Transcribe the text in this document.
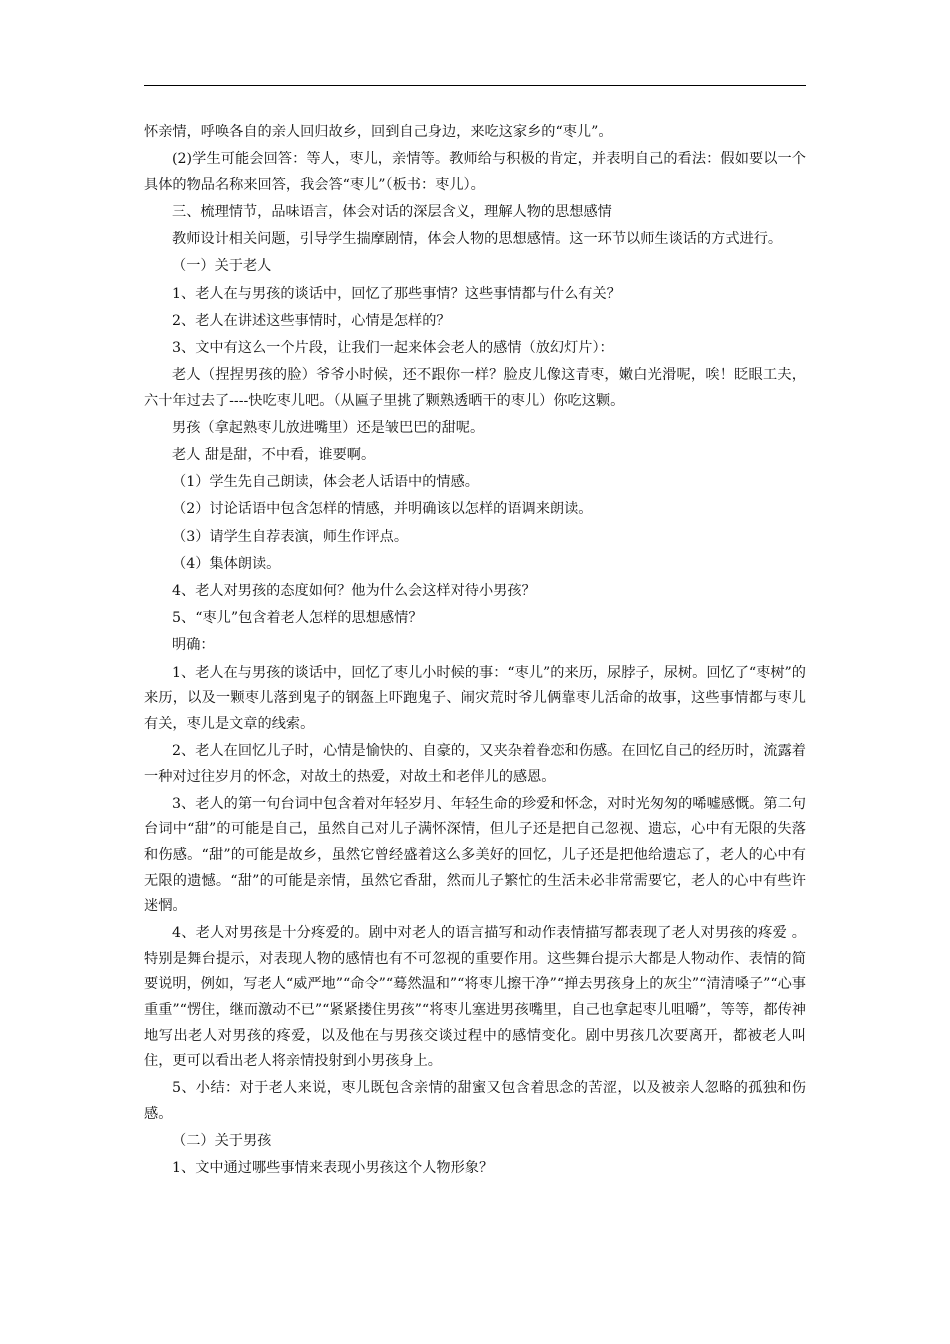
怀亲情，呼唤各自的亲人回归故乡，回到自己身边，来吃这家乡的“枣儿”。

(2)学生可能会回答：等人，枣儿，亲情等。教师给与积极的肯定，并表明自己的看法：假如要以一个具体的物品名称来回答，我会答“枣儿”（板书：枣儿）。

三、梳理情节，品味语言，体会对话的深层含义，理解人物的思想感情

教师设计相关问题，引导学生揣摩剧情，体会人物的思想感情。这一环节以师生谈话的方式进行。

（一）关于老人

1、老人在与男孩的谈话中，回忆了那些事情？这些事情都与什么有关？

2、老人在讲述这些事情时，心情是怎样的？

3、文中有这么一个片段，让我们一起来体会老人的感情（放幻灯片）：

老人（捏捏男孩的脸）爷爷小时候，还不跟你一样？脸皮儿像这青枣，嫩白光滑呢，唉！眨眼工夫，六十年过去了----快吃枣儿吧。（从匾子里挑了颗熟透晒干的枣儿）你吃这颗。

男孩（拿起熟枣儿放进嘴里）还是皱巴巴的甜呢。

老人 甜是甜，不中看，谁要啊。

（1）学生先自己朗读，体会老人话语中的情感。

（2）讨论话语中包含怎样的情感，并明确该以怎样的语调来朗读。

（3）请学生自荐表演，师生作评点。

（4）集体朗读。

4、老人对男孩的态度如何？他为什么会这样对待小男孩？

5、“枣儿”包含着老人怎样的思想感情？

明确：

1、老人在与男孩的谈话中，回忆了枣儿小时候的事：“枣儿”的来历，尿脖子，尿树。回忆了“枣树”的来历，以及一颗枣儿落到鬼子的钢盔上吓跑鬼子、闹灾荒时爷儿俩靠枣儿活命的故事，这些事情都与枣儿有关，枣儿是文章的线索。

2、老人在回忆儿子时，心情是愉快的、自豪的，又夹杂着眷恋和伤感。在回忆自己的经历时，流露着一种对过往岁月的怀念，对故土的热爱，对故土和老伴儿的感恩。

3、老人的第一句台词中包含着对年轻岁月、年轻生命的珍爱和怀念，对时光匆匆的唏嘘感慨。第二句台词中“甜”的可能是自己，虽然自己对儿子满怀深情，但儿子还是把自己忽视、遗忘，心中有无限的失落和伤感。“甜”的可能是故乡，虽然它曾经盛着这么多美好的回忆，儿子还是把他给遗忘了，老人的心中有无限的遗憾。“甜”的可能是亲情，虽然它香甜，然而儿子繁忙的生活未必非常需要它，老人的心中有些许迷惘。

4、老人对男孩是十分疼爱的。剧中对老人的语言描写和动作表情描写都表现了老人对男孩的疼爱 。特别是舞台提示，对表现人物的感情也有不可忽视的重要作用。这些舞台提示大都是人物动作、表情的简要说明，例如，写老人“威严地”“命令”“蓦然温和”“将枣儿擦干净”“掸去男孩身上的灰尘”“清清嗓子”“心事重重”“愣住，继而激动不已”“紧紧搂住男孩”“将枣儿塞进男孩嘴里，自己也拿起枣儿咀嚼”，等等，都传神地写出老人对男孩的疼爱，以及他在与男孩交谈过程中的感情变化。剧中男孩几次要离开，都被老人叫住，更可以看出老人将亲情投射到小男孩身上。

5、小结：对于老人来说，枣儿既包含亲情的甜蜜又包含着思念的苦涩，以及被亲人忽略的孤独和伤感。

（二）关于男孩

1、文中通过哪些事情来表现小男孩这个人物形象？
